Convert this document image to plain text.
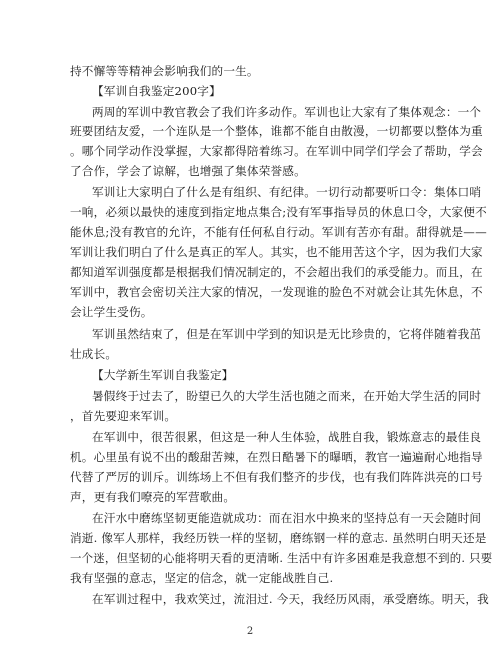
持不懈等等精神会影响我们的一生。
【军训自我鉴定200字】
两周的军训中教官教会了我们许多动作。军训也让大家有了集体观念：一个
班要团结友爱，一个连队是一个整体，谁都不能自由散漫，一切都要以整体为重
。哪个同学动作没掌握，大家都得陪着练习。在军训中同学们学会了帮助，学会
了合作，学会了谅解，也增强了集体荣誉感。
军训让大家明白了什么是有组织、有纪律。一切行动都要听口令：集体口哨
一响，必须以最快的速度到指定地点集合;没有军事指导员的休息口令，大家便不
能休息;没有教官的允许，不能有任何私自行动。军训有苦亦有甜。甜得就是——
军训让我们明白了什么是真正的军人。其实，也不能用苦这个字，因为我们大家
都知道军训强度都是根据我们情况制定的，不会超出我们的承受能力。而且，在
军训中，教官会密切关注大家的情况，一发现谁的脸色不对就会让其先休息，不
会让学生受伤。
军训虽然结束了，但是在军训中学到的知识是无比珍贵的，它将伴随着我茁
壮成长。
【大学新生军训自我鉴定】
暑假终于过去了，盼望已久的大学生活也随之而来，在开始大学生活的同时
，首先要迎来军训。
在军训中，很苦很累，但这是一种人生体验，战胜自我，锻炼意志的最佳良
机。心里虽有说不出的酸甜苦辣，在烈日酷暑下的曝晒，教官一遍遍耐心地指导
代替了严厉的训斥。训练场上不但有我们整齐的步伐，也有我们阵阵洪亮的口号
声，更有我们嘹亮的军营歌曲。
在汗水中磨练坚韧更能造就成功：而在泪水中换来的坚持总有一天会随时间
消逝. 像军人那样，我经历铁一样的坚韧，磨练钢一样的意志. 虽然明白明天还是
一个迷，但坚韧的心能将明天看的更清晰. 生活中有许多困难是我意想不到的. 只要
我有坚强的意志，坚定的信念，就一定能战胜自己.
在军训过程中，我欢笑过，流泪过. 今天，我经历风雨，承受磨练。明天，我
2
